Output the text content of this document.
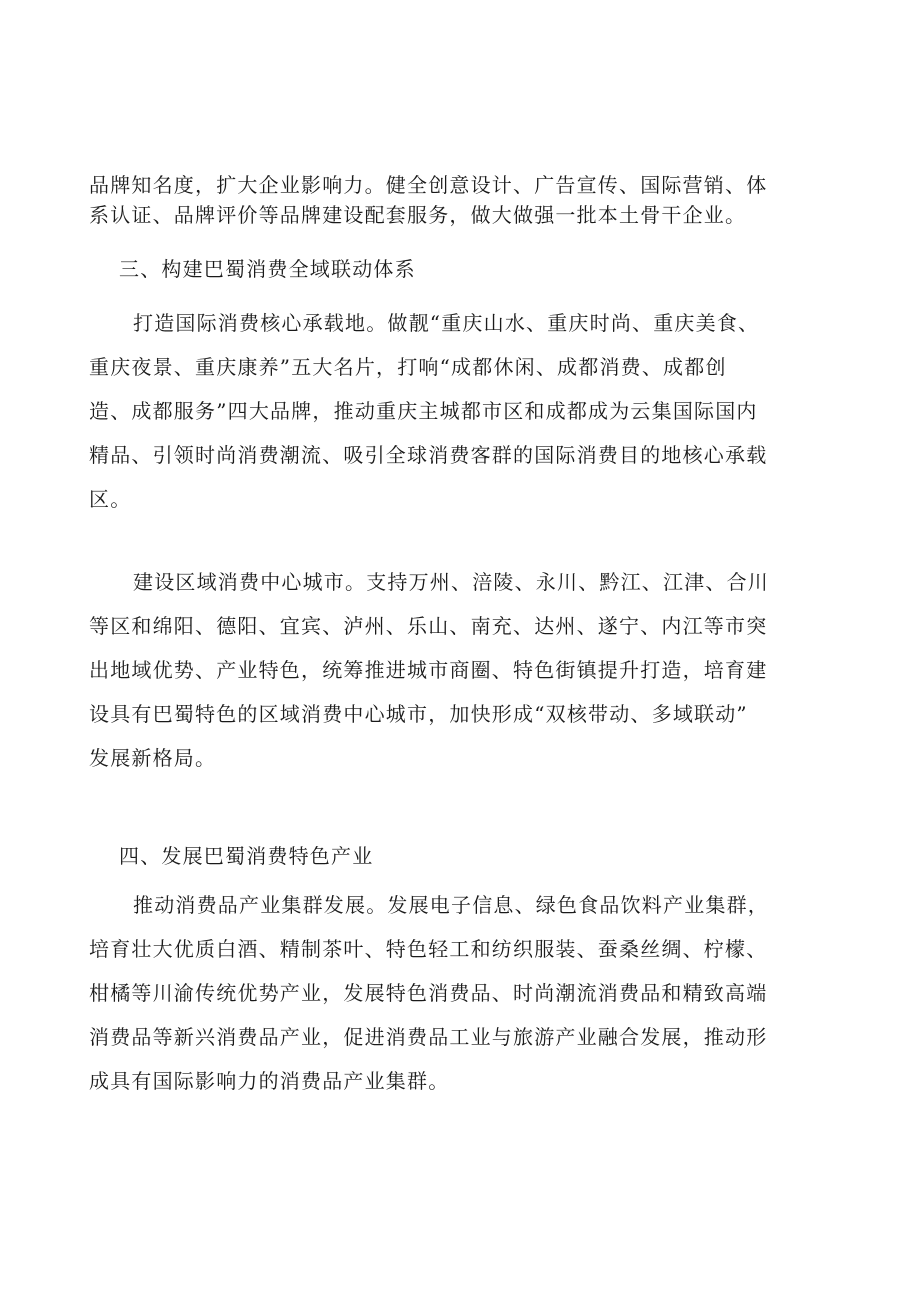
品牌知名度，扩大企业影响力。健全创意设计、广告宣传、国际营销、体
系认证、品牌评价等品牌建设配套服务，做大做强一批本土骨干企业。
三、构建巴蜀消费全域联动体系
打造国际消费核心承载地。做靓“重庆山水、重庆时尚、重庆美食、
重庆夜景、重庆康养”五大名片，打响“成都休闲、成都消费、成都创
造、成都服务”四大品牌，推动重庆主城都市区和成都成为云集国际国内
精品、引领时尚消费潮流、吸引全球消费客群的国际消费目的地核心承载
区。
建设区域消费中心城市。支持万州、涪陵、永川、黔江、江津、合川
等区和绵阳、德阳、宜宾、泸州、乐山、南充、达州、遂宁、内江等市突
出地域优势、产业特色，统筹推进城市商圈、特色街镇提升打造，培育建
设具有巴蜀特色的区域消费中心城市，加快形成“双核带动、多域联动”
发展新格局。
四、发展巴蜀消费特色产业
推动消费品产业集群发展。发展电子信息、绿色食品饮料产业集群，
培育壮大优质白酒、精制茶叶、特色轻工和纺织服装、蚕桑丝绸、柠檬、
柑橘等川渝传统优势产业，发展特色消费品、时尚潮流消费品和精致高端
消费品等新兴消费品产业，促进消费品工业与旅游产业融合发展，推动形
成具有国际影响力的消费品产业集群。
